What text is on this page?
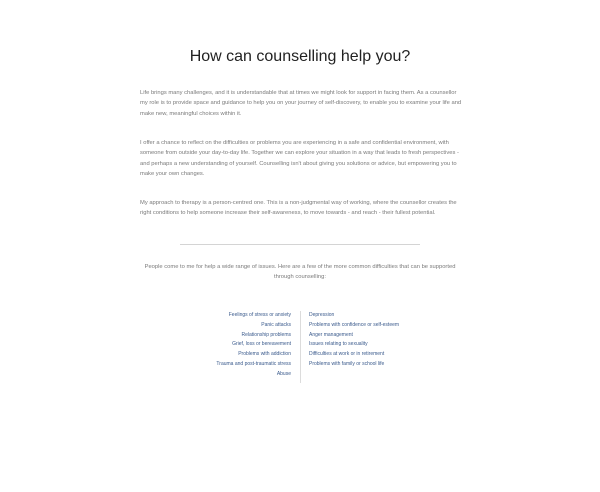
How can counselling help you?

Life brings many challenges, and it is understandable that at times we might look for support in facing them. As a counsellor my role is to provide space and guidance to help you on your journey of self-discovery, to enable you to examine your life and make new, meaningful choices within it.

I offer a chance to reflect on the difficulties or problems you are experiencing in a safe and confidential environment, with someone from outside your day-to-day life. Together we can explore your situation in a way that leads to fresh perspectives - and perhaps a new understanding of yourself. Counselling isn't about giving you solutions or advice, but empowering you to make your own changes.

My approach to therapy is a person-centred one. This is a non-judgmental way of working, where the counsellor creates the right conditions to help someone increase their self-awareness, to move towards - and reach - their fullest potential.

People come to me for help a wide range of issues. Here are a few of the more common difficulties that can be supported through counselling:

Feelings of stress or anxiety
Panic attacks
Relationship problems
Grief, loss or bereavement
Problems with addiction
Trauma and post-traumatic stress
Abuse
Depression
Problems with confidence or self-esteem
Anger management
Issues relating to sexuality
Difficulties at work or in retirement
Problems with family or school life
